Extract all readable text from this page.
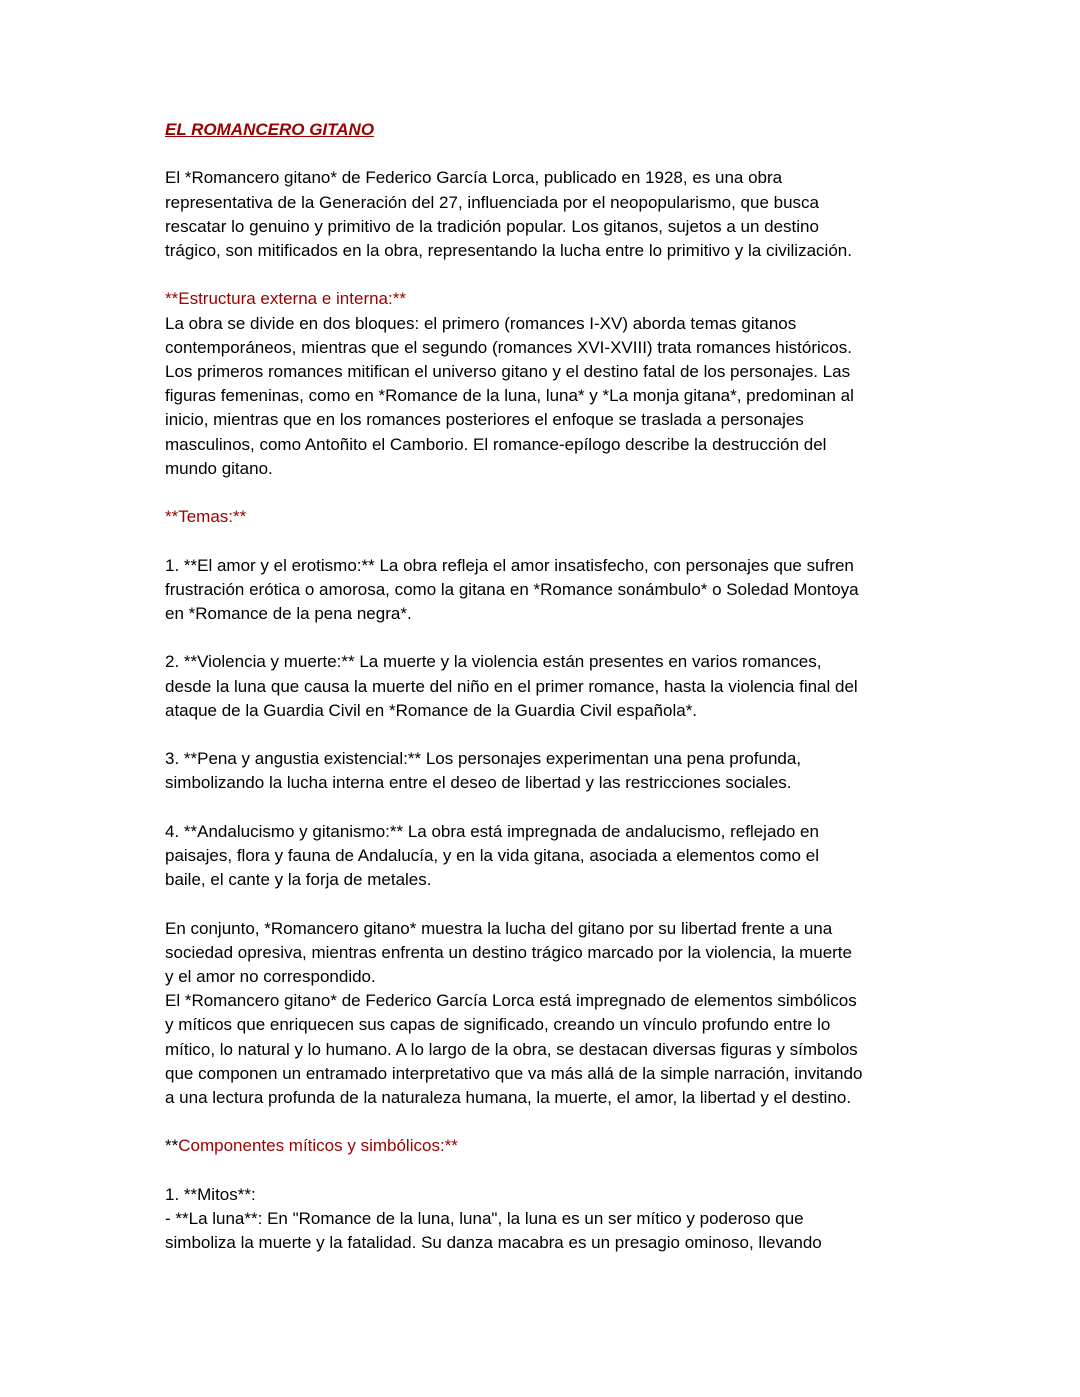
EL ROMANCERO GITANO

El *Romancero gitano* de Federico García Lorca, publicado en 1928, es una obra
representativa de la Generación del 27, influenciada por el neopopularismo, que busca
rescatar lo genuino y primitivo de la tradición popular. Los gitanos, sujetos a un destino
trágico, son mitificados en la obra, representando la lucha entre lo primitivo y la civilización.

**Estructura externa e interna:**

La obra se divide en dos bloques: el primero (romances I-XV) aborda temas gitanos
contemporáneos, mientras que el segundo (romances XVI-XVIII) trata romances históricos.
Los primeros romances mitifican el universo gitano y el destino fatal de los personajes. Las
figuras femeninas, como en *Romance de la luna, luna* y *La monja gitana*, predominan al
inicio, mientras que en los romances posteriores el enfoque se traslada a personajes
masculinos, como Antoñito el Camborio. El romance-epílogo describe la destrucción del
mundo gitano.

**Temas:**

1. **El amor y el erotismo:** La obra refleja el amor insatisfecho, con personajes que sufren
frustración erótica o amorosa, como la gitana en *Romance sonámbulo* o Soledad Montoya
en *Romance de la pena negra*.

2. **Violencia y muerte:** La muerte y la violencia están presentes en varios romances,
desde la luna que causa la muerte del niño en el primer romance, hasta la violencia final del
ataque de la Guardia Civil en *Romance de la Guardia Civil española*.

3. **Pena y angustia existencial:** Los personajes experimentan una pena profunda,
simbolizando la lucha interna entre el deseo de libertad y las restricciones sociales.

4. **Andalucismo y gitanismo:** La obra está impregnada de andalucismo, reflejado en
paisajes, flora y fauna de Andalucía, y en la vida gitana, asociada a elementos como el
baile, el cante y la forja de metales.

En conjunto, *Romancero gitano* muestra la lucha del gitano por su libertad frente a una
sociedad opresiva, mientras enfrenta un destino trágico marcado por la violencia, la muerte
y el amor no correspondido.
El *Romancero gitano* de Federico García Lorca está impregnado de elementos simbólicos
y míticos que enriquecen sus capas de significado, creando un vínculo profundo entre lo
mítico, lo natural y lo humano. A lo largo de la obra, se destacan diversas figuras y símbolos
que componen un entramado interpretativo que va más allá de la simple narración, invitando
a una lectura profunda de la naturaleza humana, la muerte, el amor, la libertad y el destino.

**Componentes míticos y simbólicos:**

1. **Mitos**:
- **La luna**: En "Romance de la luna, luna", la luna es un ser mítico y poderoso que
simboliza la muerte y la fatalidad. Su danza macabra es un presagio ominoso, llevando
